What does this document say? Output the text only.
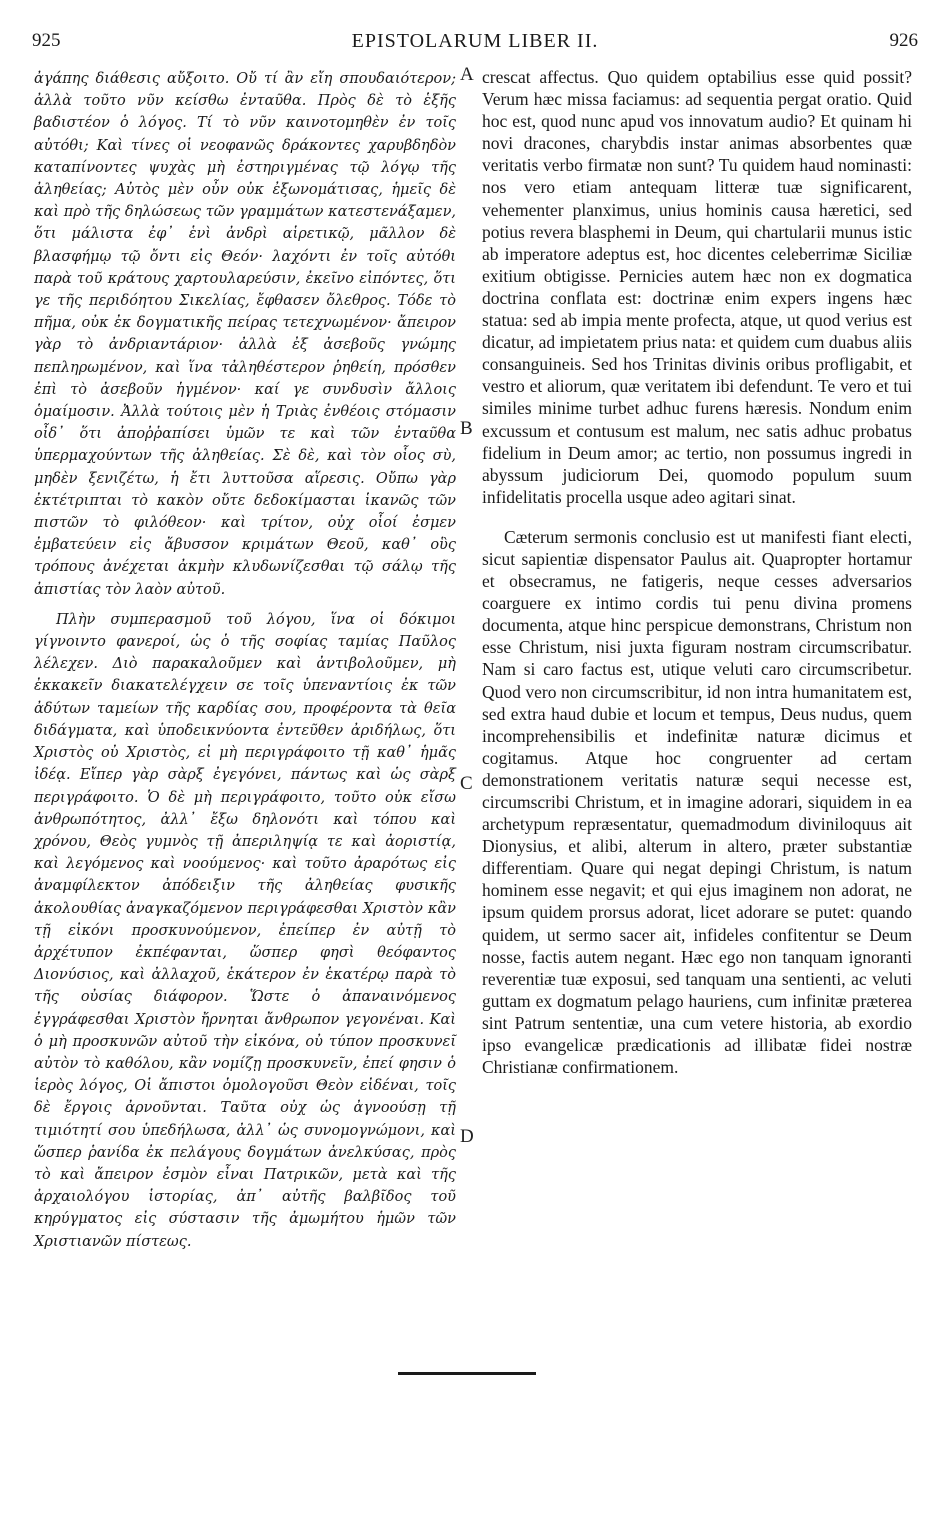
925	EPISTOLARUM LIBER II.	926

ἀγάπης διάθεσις αὔξοιτο. Οὔ τί ἂν εἴη σπουδαιότερον; ἀλλὰ τοῦτο νῦν κείσθω ἐνταῦθα. Πρὸς δὲ τὸ ἑξῆς βαδιστέον ὁ λόγος. Τί τὸ νῦν καινοτομηθὲν ἐν τοῖς αὐτόθι; Καὶ τίνες οἱ νεοφανῶς δράκοντες χαρυβδηδὸν καταπίνοντες ψυχὰς μὴ ἐστηριγμένας τῷ λόγῳ τῆς ἀληθείας; Αὐτὸς μὲν οὖν οὐκ ἐξωνομάτισας, ἡμεῖς δὲ καὶ πρὸ τῆς δηλώσεως τῶν γραμμάτων κατεστενάξαμεν, ὅτι μάλιστα ἐφ᾽ ἑνὶ ἀνδρὶ αἱρετικῷ, μᾶλλον δὲ βλασφήμῳ τῷ ὄντι εἰς Θεόν· λαχόντι ἐν τοῖς αὐτόθι παρὰ τοῦ κράτους χαρτουλαρεύσιν, ἐκεῖνο εἰπόντες, ὅτι γε τῆς περιδόητου Σικελίας, ἔφθασεν ὄλεθρος. Τόδε τὸ πῆμα, οὐκ ἐκ δογματικῆς πείρας τετεχνωμένον· ἄπειρον γὰρ τὸ ἀνδριαντάριον· ἀλλὰ ἐξ ἀσεβοῦς γνώμης πεπληρωμένον, καὶ ἵνα τἀληθέστερον ῥηθείη, πρόσθεν ἐπὶ τὸ ἀσεβοῦν ἡγμένον· καί γε συνδυσὶν ἄλλοις ὁμαίμοσιν. Ἀλλὰ τούτοις μὲν ἡ Τριὰς ἐνθέοις στόμασιν οἶδ᾽ ὅτι ἀποῤῥαπίσει ὑμῶν τε καὶ τῶν ἐνταῦθα ὑπερμαχούντων τῆς ἀληθείας. Σὲ δὲ, καὶ τὸν οἷος σὺ, μηδὲν ξενιζέτω, ἡ ἔτι λυττοῦσα αἵρεσις. Οὔπω γὰρ ἐκτέτριπται τὸ κακὸν οὔτε δεδοκίμασται ἱκανῶς τῶν πιστῶν τὸ φιλόθεον· καὶ τρίτον, οὐχ οἷοί ἐσμεν ἐμβατεύειν εἰς ἄβυσσον κριμάτων Θεοῦ, καθ᾽ οὓς τρόπους ἀνέχεται ἀκμὴν κλυδωνίζεσθαι τῷ σάλῳ τῆς ἀπιστίας τὸν λαὸν αὐτοῦ.

Πλὴν συμπερασμοῦ τοῦ λόγου, ἵνα οἱ δόκιμοι γίγνοιντο φανεροί, ὡς ὁ τῆς σοφίας ταμίας Παῦλος λέλεχεν. Διὸ παρακαλοῦμεν καὶ ἀντιβολοῦμεν, μὴ ἐκκακεῖν διακατελέγχειν σε τοῖς ὑπεναντίοις ἐκ τῶν ἀδύτων ταμείων τῆς καρδίας σου, προφέροντα τὰ θεῖα διδάγματα, καὶ ὑποδεικνύοντα ἐντεῦθεν ἀριδήλως, ὅτι Χριστὸς οὐ Χριστὸς, εἰ μὴ περιγράφοιτο τῇ καθ᾽ ἡμᾶς ἰδέᾳ. Εἴπερ γὰρ σὰρξ ἐγεγόνει, πάντως καὶ ὡς σὰρξ περιγράφοιτο. Ὁ δὲ μὴ περιγράφοιτο, τοῦτο οὐκ εἴσω ἀνθρωπότητος, ἀλλ᾽ ἔξω δηλονότι καὶ τόπου καὶ χρόνου, Θεὸς γυμνὸς τῇ ἀπεριληψίᾳ τε καὶ ἀοριστίᾳ, καὶ λεγόμενος καὶ νοούμενος· καὶ τοῦτο ἀραρότως εἰς ἀναμφίλεκτον ἀπόδειξιν τῆς ἀληθείας φυσικῆς ἀκολουθίας ἀναγκαζόμενον περιγράφεσθαι Χριστὸν κἂν τῇ εἰκόνι προσκυνούμενον, ἐπείπερ ἐν αὐτῇ τὸ ἀρχέτυπον ἐκπέφανται, ὥσπερ φησὶ θεόφαντος Διονύσιος, καὶ ἀλλαχοῦ, ἑκάτερον ἐν ἑκατέρῳ παρὰ τὸ τῆς οὐσίας διάφορον. Ὥστε ὁ ἀπαναινόμενος ἐγγράφεσθαι Χριστὸν ἤρνηται ἄνθρωπον γεγονέναι. Καὶ ὁ μὴ προσκυνῶν αὐτοῦ τὴν εἰκόνα, οὐ τύπον προσκυνεῖ αὐτὸν τὸ καθόλου, κἂν νομίζῃ προσκυνεῖν, ἐπεί φησιν ὁ ἱερὸς λόγος, Οἱ ἄπιστοι ὁμολογοῦσι Θεὸν εἰδέναι, τοῖς δὲ ἔργοις ἀρνοῦνται. Ταῦτα οὐχ ὡς ἀγνοούσῃ τῇ τιμιότητί σου ὑπεδήλωσα, ἀλλ᾽ ὡς συνομογνώμονι, καὶ ὥσπερ ῥανίδα ἐκ πελάγους δογμάτων ἀνελκύσας, πρὸς τὸ καὶ ἄπειρον ἐσμὸν εἶναι Πατρικῶν, μετὰ καὶ τῆς ἀρχαιολόγου ἱστορίας, ἀπ᾽ αὐτῆς βαλβῖδος τοῦ κηρύγματος εἰς σύστασιν τῆς ἀμωμήτου ἡμῶν τῶν Χριστιανῶν πίστεως.

A
B
C
D

crescat affectus. Quo quidem optabilius esse quid possit? Verum hæc missa faciamus: ad sequentia pergat oratio. Quid hoc est, quod nunc apud vos innovatum audio? Et quinam hi novi dracones, charybdis instar animas absorbentes quæ veritatis verbo firmatæ non sunt? Tu quidem haud nominasti: nos vero etiam antequam litteræ tuæ significarent, vehementer planximus, unius hominis causa hæretici, sed potius revera blasphemi in Deum, qui chartularii munus istic ab imperatore adeptus est, hoc dicentes celeberrimæ Siciliæ exitium obtigisse. Pernicies autem hæc non ex dogmatica doctrina conflata est: doctrinæ enim expers ingens hæc statua: sed ab impia mente profecta, atque, ut quod verius est dicatur, ad impietatem prius nata: et quidem cum duabus aliis consanguineis. Sed hos Trinitas divinis oribus profligabit, et vestro et aliorum, quæ veritatem ibi defendunt. Te vero et tui similes minime turbet adhuc furens hæresis. Nondum enim excussum et contusum est malum, nec satis adhuc probatus fidelium in Deum amor; ac tertio, non possumus ingredi in abyssum judiciorum Dei, quomodo populum suum infidelitatis procella usque adeo agitari sinat.

Cæterum sermonis conclusio est ut manifesti fiant electi, sicut sapientiæ dispensator Paulus ait. Quapropter hortamur et obsecramus, ne fatigeris, neque cesses adversarios coarguere ex intimo cordis tui penu divina promens documenta, atque hinc perspicue demonstrans, Christum non esse Christum, nisi juxta figuram nostram circumscribatur. Nam si caro factus est, utique veluti caro circumscribetur. Quod vero non circumscribitur, id non intra humanitatem est, sed extra haud dubie et locum et tempus, Deus nudus, quem incomprehensibilis et indefinitæ naturæ dicimus et cogitamus. Atque hoc congruenter ad certam demonstrationem veritatis naturæ sequi necesse est, circumscribi Christum, et in imagine adorari, siquidem in ea archetypum repræsentatur, quemadmodum diviniloquus ait Dionysius, et alibi, alterum in altero, præter substantiæ differentiam. Quare qui negat depingi Christum, is natum hominem esse negavit; et qui ejus imaginem non adorat, ne ipsum quidem prorsus adorat, licet adorare se putet: quando quidem, ut sermo sacer ait, infideles confitentur se Deum nosse, factis autem negant. Hæc ego non tanquam ignoranti reverentiæ tuæ exposui, sed tanquam una sentienti, ac veluti guttam ex dogmatum pelago hauriens, cum infinitæ præterea sint Patrum sententiæ, una cum vetere historia, ab exordio ipso evangelicæ prædicationis ad illibatæ fidei nostræ Christianæ confirmationem.
